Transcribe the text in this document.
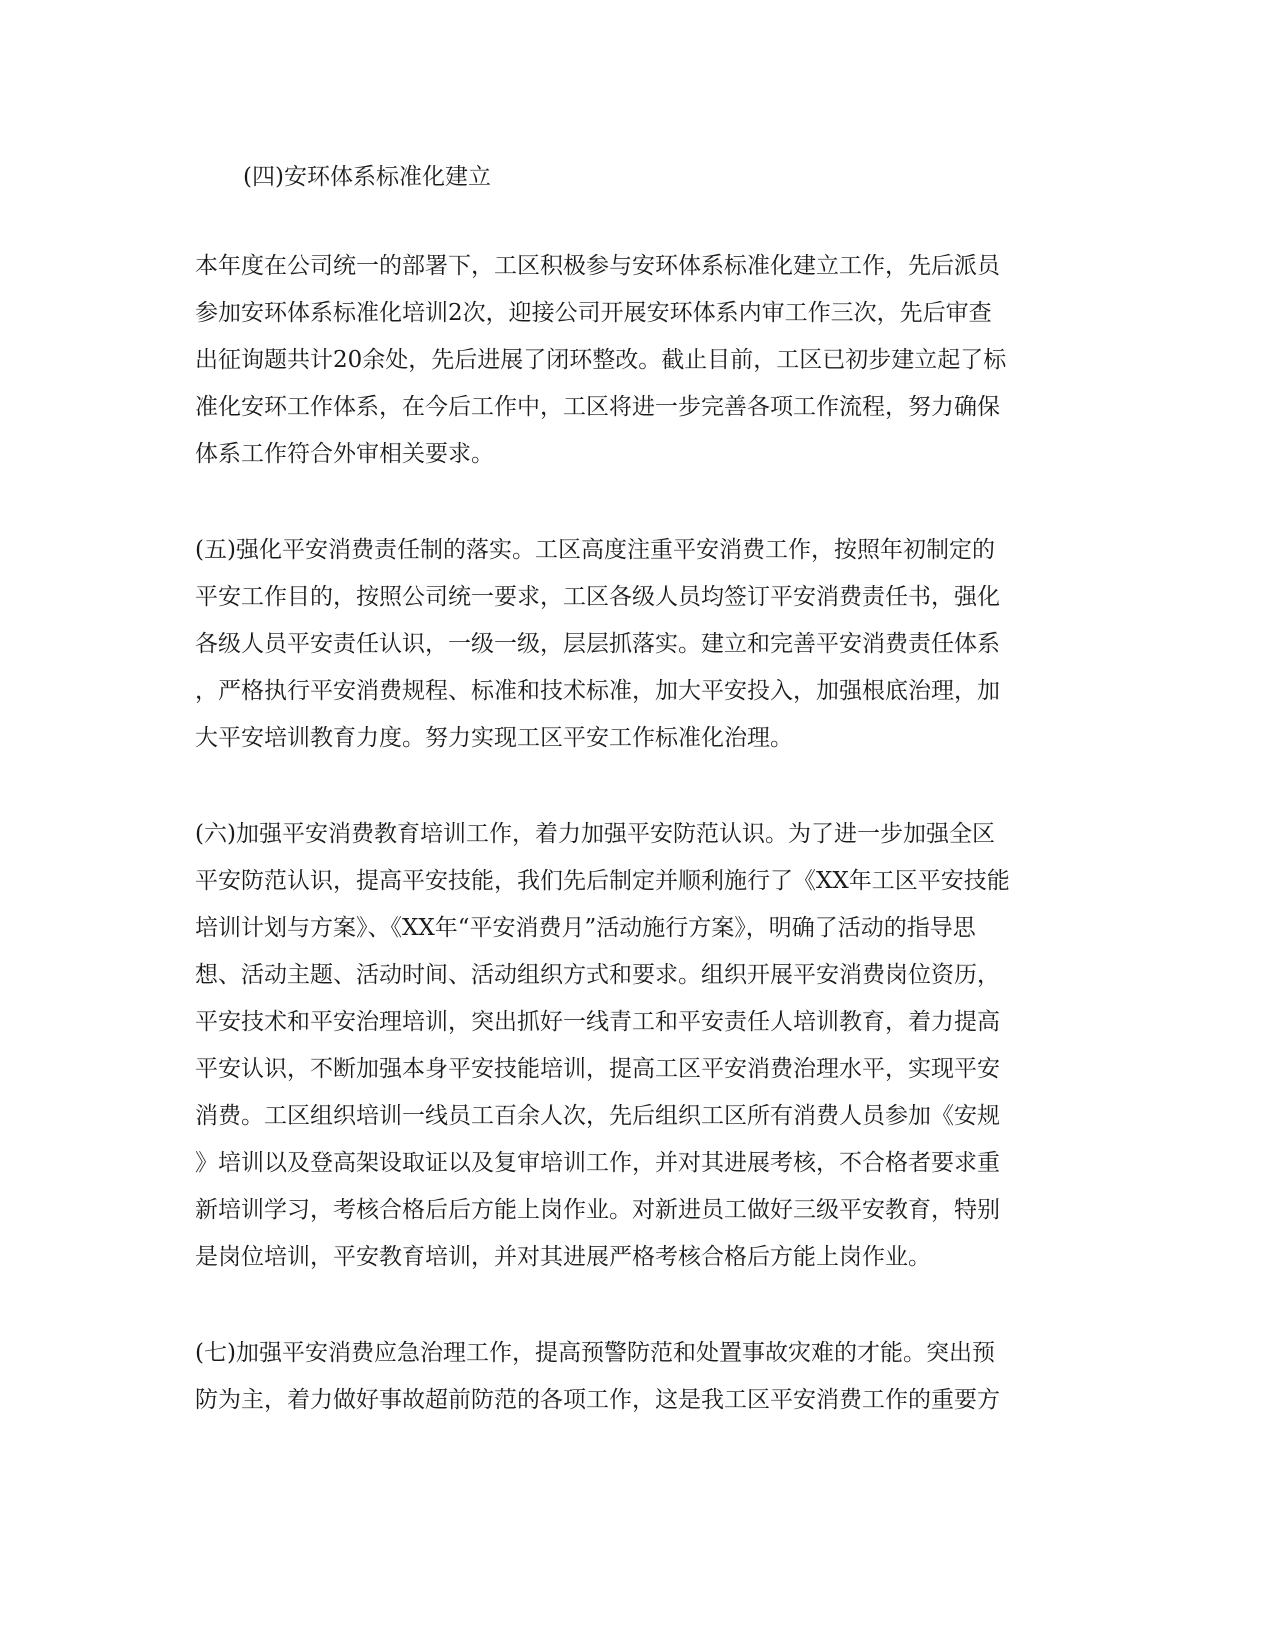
(四)安环体系标准化建立

本年度在公司统一的部署下，工区积极参与安环体系标准化建立工作，先后派员

参加安环体系标准化培训2次，迎接公司开展安环体系内审工作三次，先后审查

出征询题共计20余处，先后进展了闭环整改。截止目前，工区已初步建立起了标

准化安环工作体系，在今后工作中，工区将进一步完善各项工作流程，努力确保

体系工作符合外审相关要求。

(五)强化平安消费责任制的落实。工区高度注重平安消费工作，按照年初制定的

平安工作目的，按照公司统一要求，工区各级人员均签订平安消费责任书，强化

各级人员平安责任认识，一级一级，层层抓落实。建立和完善平安消费责任体系

，严格执行平安消费规程、标准和技术标准，加大平安投入，加强根底治理，加

大平安培训教育力度。努力实现工区平安工作标准化治理。

(六)加强平安消费教育培训工作，着力加强平安防范认识。为了进一步加强全区

平安防范认识，提高平安技能，我们先后制定并顺利施行了《XX年工区平安技能

培训计划与方案》、《XX年“平安消费月”活动施行方案》，明确了活动的指导思

想、活动主题、活动时间、活动组织方式和要求。组织开展平安消费岗位资历，

平安技术和平安治理培训，突出抓好一线青工和平安责任人培训教育，着力提高

平安认识，不断加强本身平安技能培训，提高工区平安消费治理水平，实现平安

消费。工区组织培训一线员工百余人次，先后组织工区所有消费人员参加《安规

》培训以及登高架设取证以及复审培训工作，并对其进展考核，不合格者要求重

新培训学习，考核合格后后方能上岗作业。对新进员工做好三级平安教育，特别

是岗位培训，平安教育培训，并对其进展严格考核合格后方能上岗作业。

(七)加强平安消费应急治理工作，提高预警防范和处置事故灾难的才能。突出预

防为主，着力做好事故超前防范的各项工作，这是我工区平安消费工作的重要方
